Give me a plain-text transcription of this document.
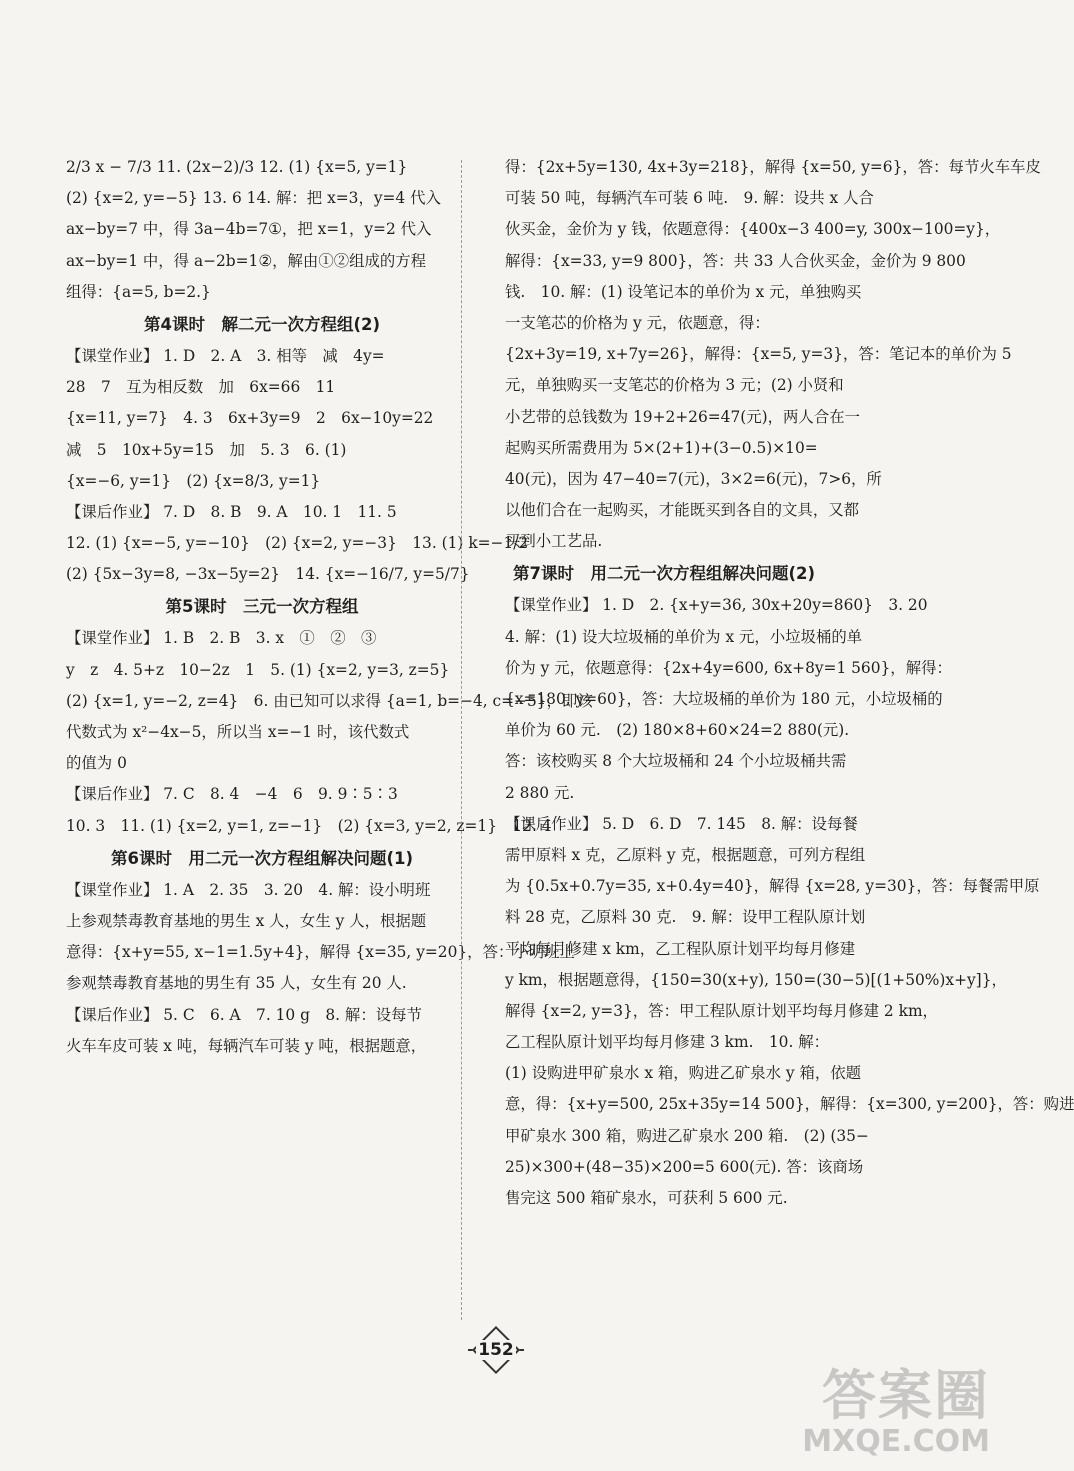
2/3 x − 7/3 11. (2x−2)/3 12. (1) {x=5, y=1}
(2) {x=2, y=−5} 13. 6 14. 解：把 x=3，y=4 代入
ax−by=7 中，得 3a−4b=7①，把 x=1，y=2 代入
ax−by=1 中，得 a−2b=1②，解由①②组成的方程
组得：{a=5, b=2.}
第4课时　解二元一次方程组(2)
【课堂作业】 1. D　2. A　3. 相等　减　4y=
28　7　互为相反数　加　6x=66　11
{x=11, y=7}　4. 3　6x+3y=9　2　6x−10y=22
减　5　10x+5y=15　加　5. 3　6. (1)
{x=−6, y=1}　(2) {x=8/3, y=1}
【课后作业】 7. D　8. B　9. A　10. 1　11. 5
12. (1) {x=−5, y=−10}　(2) {x=2, y=−3}　13. (1) k=−1/2
(2) {5x−3y=8, −3x−5y=2}　14. {x=−16/7, y=5/7}
第5课时　三元一次方程组
【课堂作业】 1. B　2. B　3. x　①　②　③
y　z　4. 5+z　10−2z　1　5. (1) {x=2, y=3, z=5}
(2) {x=1, y=−2, z=4}　6. 由已知可以求得 {a=1, b=−4, c=−5}，即该
代数式为 x²−4x−5，所以当 x=−1 时，该代数式
的值为 0
【课后作业】 7. C　8. 4　−4　6　9. 9∶5∶3
10. 3　11. (1) {x=2, y=1, z=−1}　(2) {x=3, y=2, z=1}　12. 4
第6课时　用二元一次方程组解决问题(1)
【课堂作业】 1. A　2. 35　3. 20　4. 解：设小明班
上参观禁毒教育基地的男生 x 人，女生 y 人，根据题
意得：{x+y=55, x−1=1.5y+4}，解得 {x=35, y=20}，答：小明班上
参观禁毒教育基地的男生有 35 人，女生有 20 人.
【课后作业】 5. C　6. A　7. 10 g　8. 解：设每节
火车车皮可装 x 吨，每辆汽车可装 y 吨，根据题意，
得：{2x+5y=130, 4x+3y=218}，解得 {x=50, y=6}，答：每节火车车皮
可装 50 吨，每辆汽车可装 6 吨.　9. 解：设共 x 人合
伙买金，金价为 y 钱，依题意得：{400x−3 400=y, 300x−100=y}，
解得：{x=33, y=9 800}，答：共 33 人合伙买金，金价为 9 800
钱.　10. 解：(1) 设笔记本的单价为 x 元，单独购买
一支笔芯的价格为 y 元，依题意，得：
{2x+3y=19, x+7y=26}，解得：{x=5, y=3}，答：笔记本的单价为 5
元，单独购买一支笔芯的价格为 3 元；(2) 小贤和
小艺带的总钱数为 19+2+26=47(元)，两人合在一
起购买所需费用为 5×(2+1)+(3−0.5)×10=
40(元)，因为 47−40=7(元)，3×2=6(元)，7>6，所
以他们合在一起购买，才能既买到各自的文具，又都
买到小工艺品.
第7课时　用二元一次方程组解决问题(2)
【课堂作业】 1. D　2. {x+y=36, 30x+20y=860}　3. 20
4. 解：(1) 设大垃圾桶的单价为 x 元，小垃圾桶的单
价为 y 元，依题意得：{2x+4y=600, 6x+8y=1 560}，解得：
{x=180, y=60}，答：大垃圾桶的单价为 180 元，小垃圾桶的
单价为 60 元.　(2) 180×8+60×24=2 880(元).
答：该校购买 8 个大垃圾桶和 24 个小垃圾桶共需
2 880 元.
【课后作业】 5. D　6. D　7. 145　8. 解：设每餐
需甲原料 x 克，乙原料 y 克，根据题意，可列方程组
为 {0.5x+0.7y=35, x+0.4y=40}，解得 {x=28, y=30}，答：每餐需甲原
料 28 克，乙原料 30 克.　9. 解：设甲工程队原计划
平均每月修建 x km，乙工程队原计划平均每月修建
y km，根据题意得，{150=30(x+y), 150=(30−5)[(1+50%)x+y]}，
解得 {x=2, y=3}，答：甲工程队原计划平均每月修建 2 km，
乙工程队原计划平均每月修建 3 km.　10. 解：
(1) 设购进甲矿泉水 x 箱，购进乙矿泉水 y 箱，依题
意，得：{x+y=500, 25x+35y=14 500}，解得：{x=300, y=200}，答：购进
甲矿泉水 300 箱，购进乙矿泉水 200 箱.　(2) (35−
25)×300+(48−35)×200=5 600(元). 答：该商场
售完这 500 箱矿泉水，可获利 5 600 元.
152
答案圈
MXQE.COM
